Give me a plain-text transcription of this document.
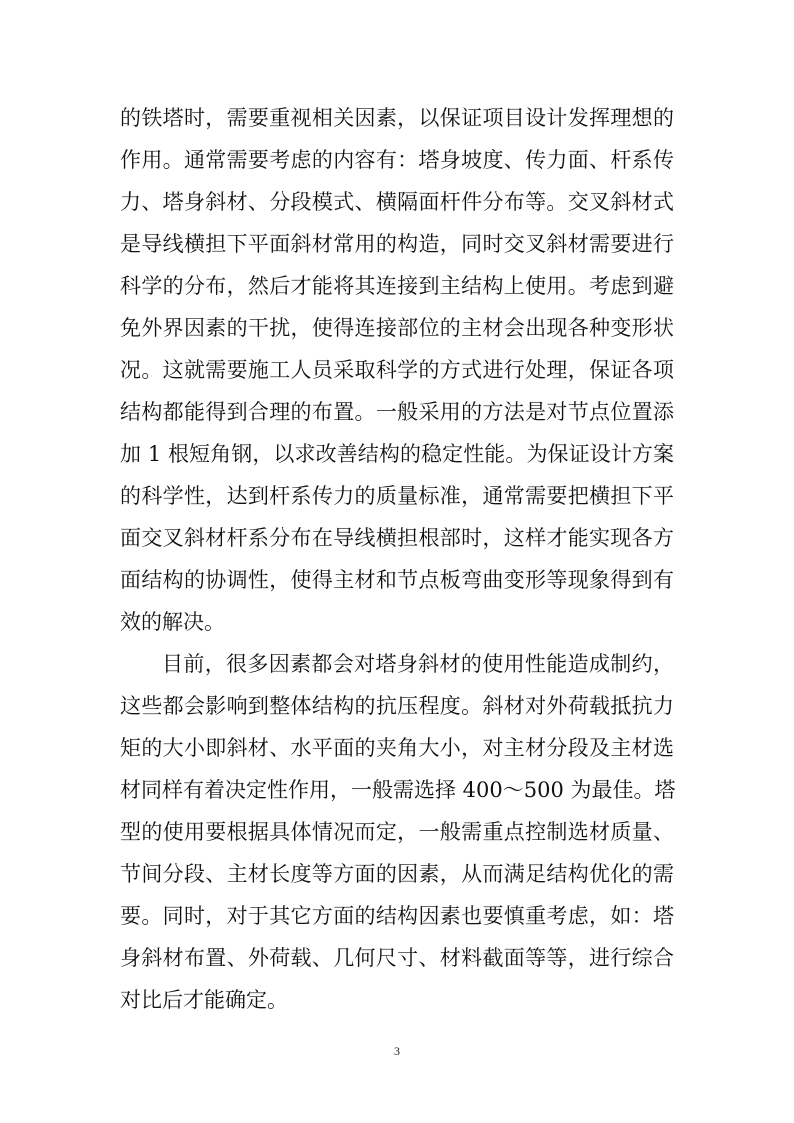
的铁塔时，需要重视相关因素，以保证项目设计发挥理想的
作用。通常需要考虑的内容有：塔身坡度、传力面、杆系传
力、塔身斜材、分段模式、横隔面杆件分布等。交叉斜材式
是导线横担下平面斜材常用的构造，同时交叉斜材需要进行
科学的分布，然后才能将其连接到主结构上使用。考虑到避
免外界因素的干扰，使得连接部位的主材会出现各种变形状
况。这就需要施工人员采取科学的方式进行处理，保证各项
结构都能得到合理的布置。一般采用的方法是对节点位置添
加 1 根短角钢，以求改善结构的稳定性能。为保证设计方案
的科学性，达到杆系传力的质量标准，通常需要把横担下平
面交叉斜材杆系分布在导线横担根部时，这样才能实现各方
面结构的协调性，使得主材和节点板弯曲变形等现象得到有
效的解决。
目前，很多因素都会对塔身斜材的使用性能造成制约，
这些都会影响到整体结构的抗压程度。斜材对外荷载抵抗力
矩的大小即斜材、水平面的夹角大小，对主材分段及主材选
材同样有着决定性作用，一般需选择 400～500 为最佳。塔
型的使用要根据具体情况而定，一般需重点控制选材质量、
节间分段、主材长度等方面的因素，从而满足结构优化的需
要。同时，对于其它方面的结构因素也要慎重考虑，如：塔
身斜材布置、外荷载、几何尺寸、材料截面等等，进行综合
对比后才能确定。
3
